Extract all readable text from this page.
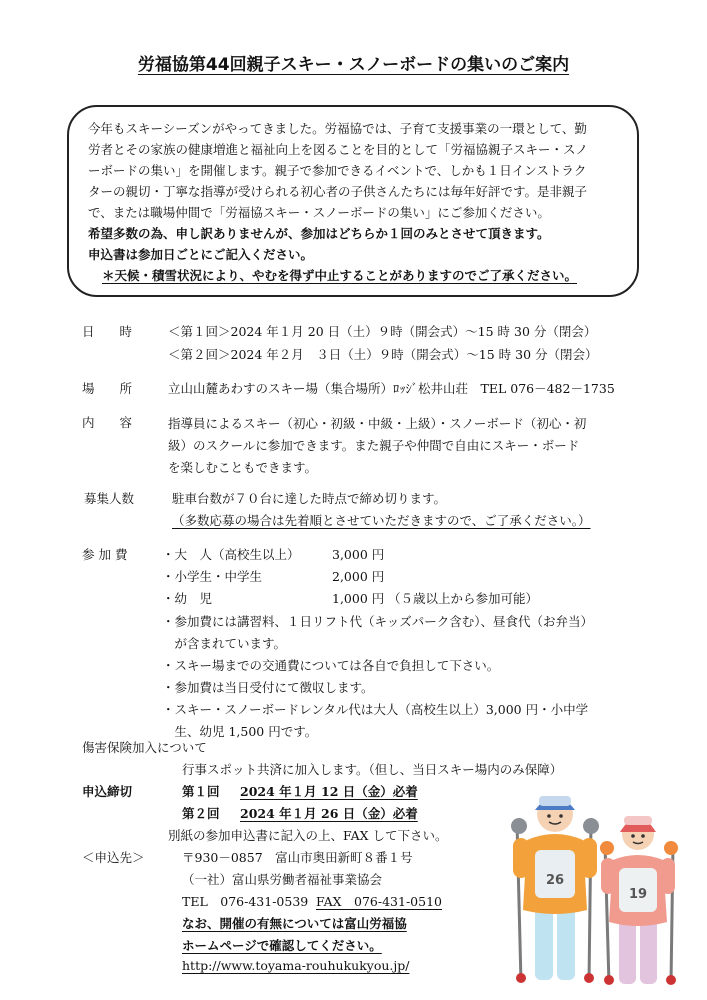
労福協第44回親子スキー・スノーボードの集いのご案内
今年もスキーシーズンがやってきました。労福協では、子育て支援事業の一環として、勤
労者とその家族の健康増進と福祉向上を図ることを目的として「労福協親子スキー・スノ
ーボードの集い」を開催します。親子で参加できるイベントで、しかも１日インストラク
ターの親切・丁寧な指導が受けられる初心者の子供さんたちには毎年好評です。是非親子
で、または職場仲間で「労福協スキー・スノーボードの集い」にご参加ください。
希望多数の為、申し訳ありませんが、参加はどちらか１回のみとさせて頂きます。
申込書は参加日ごとにご記入ください。
＊天候・積雪状況により、やむを得ず中止することがありますのでご了承ください。
日　　時	＜第１回＞2024 年１月 20 日（土）９時（開会式）～15 時 30 分（閉会）
＜第２回＞2024 年２月　３日（土）９時（開会式）～15 時 30 分（閉会）
場　　所	立山山麓あわすのスキー場（集合場所）ﾛｯｼﾞ松井山荘　TEL 076－482－1735
内　　容	指導員によるスキー（初心・初級・中級・上級）・スノーボード（初心・初
級）のスクールに参加できます。また親子や仲間で自由にスキー・ボード
を楽しむこともできます。
募集人数	駐車台数が７０台に達した時点で締め切ります。
（多数応募の場合は先着順とさせていただきますので、ご了承ください。）
参 加 費	・大　人（高校生以上）	3,000 円
・小学生・中学生	2,000 円
・幼　児	1,000 円 （５歳以上から参加可能）
・参加費には講習料、１日リフト代（キッズパーク含む）、昼食代（お弁当）
　が含まれています。
・スキー場までの交通費については各自で負担して下さい。
・参加費は当日受付にて徴収します。
・スキー・スノーボードレンタル代は大人（高校生以上）3,000 円・小中学
　生、幼児 1,500 円です。
傷害保険加入について
行事スポット共済に加入します。（但し、当日スキー場内のみ保障）
申込締切	第１回 2024 年１月 12 日（金）必着
第２回 2024 年１月 26 日（金）必着
別紙の参加申込書に記入の上、FAX して下さい。
＜申込先＞	〒930－0857　富山市奥田新町８番１号
（一社）富山県労働者福祉事業協会
TEL　076-431-0539 FAX　076-431-0510
なお、開催の有無については富山労福協
ホームページで確認してください。
http://www.toyama-rouhukukyou.jp/
26
19
